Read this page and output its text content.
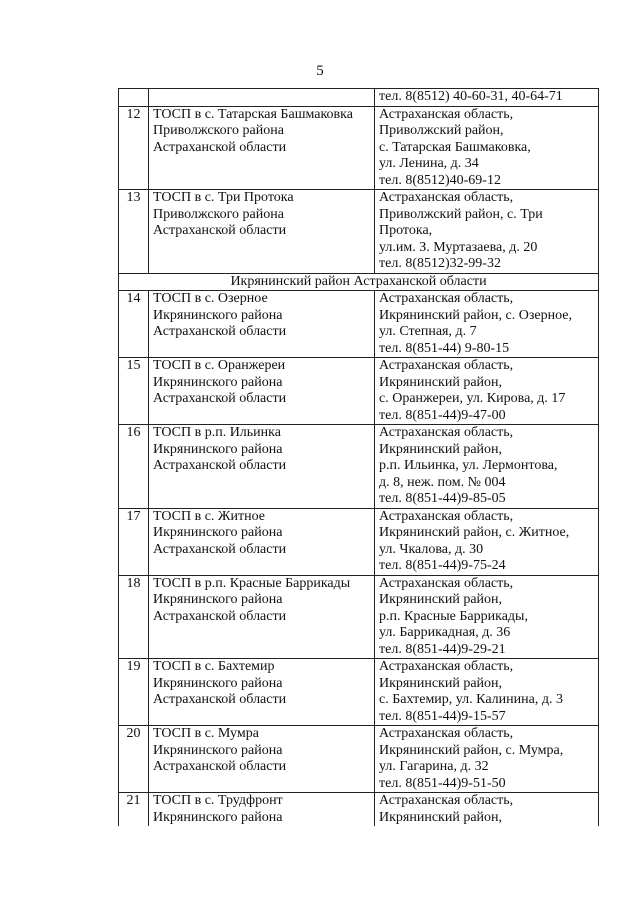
5
		тел. 8(8512) 40-60-31, 40-64-71
12	ТОСП в с. Татарская Башмаковка
Приволжского района
Астраханской области	Астраханская область,
Приволжский район,
с. Татарская Башмаковка,
ул. Ленина, д. 34
тел. 8(8512)40-69-12
13	ТОСП в с. Три Протока
Приволжского района
Астраханской области	Астраханская область,
Приволжский район, с. Три
Протока,
ул.им. З. Муртазаева, д. 20
тел. 8(8512)32-99-32
Икрянинский район Астраханской области		
14	ТОСП в с. Озерное
Икрянинского района
Астраханской области	Астраханская область,
Икрянинский район, с. Озерное,
ул. Степная, д. 7
тел. 8(851-44) 9-80-15
15	ТОСП в с. Оранжереи
Икрянинского района
Астраханской области	Астраханская область,
Икрянинский район,
с. Оранжереи, ул. Кирова, д. 17
тел. 8(851-44)9-47-00
16	ТОСП в р.п. Ильинка
Икрянинского района
Астраханской области	Астраханская область,
Икрянинский район,
р.п. Ильинка, ул. Лермонтова,
д. 8, неж. пом. № 004
тел. 8(851-44)9-85-05
17	ТОСП в с. Житное
Икрянинского района
Астраханской области	Астраханская область,
Икрянинский район, с. Житное,
ул. Чкалова, д. 30
тел. 8(851-44)9-75-24
18	ТОСП в р.п. Красные Баррикады
Икрянинского района
Астраханской области	Астраханская область,
Икрянинский район,
р.п. Красные Баррикады,
ул. Баррикадная, д. 36
тел. 8(851-44)9-29-21
19	ТОСП в с. Бахтемир
Икрянинского района
Астраханской области	Астраханская область,
Икрянинский район,
с. Бахтемир, ул. Калинина, д. 3
тел. 8(851-44)9-15-57
20	ТОСП в с. Мумра
Икрянинского района
Астраханской области	Астраханская область,
Икрянинский район, с. Мумра,
ул. Гагарина, д. 32
тел. 8(851-44)9-51-50
21	ТОСП в с. Трудфронт
Икрянинского района	Астраханская область,
Икрянинский район,
